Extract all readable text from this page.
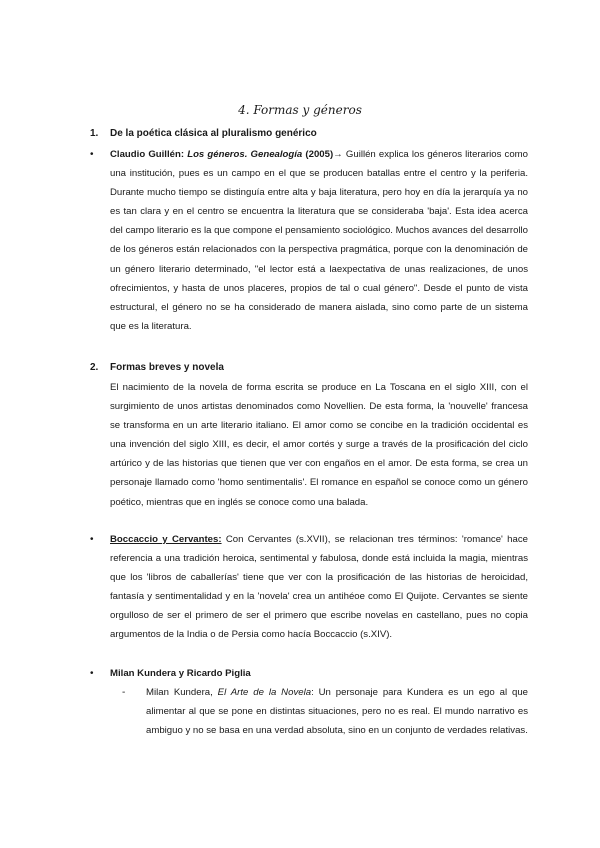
4. Formas y géneros
1. De la poética clásica al pluralismo genérico
• Claudio Guillén: Los géneros. Genealogía (2005)→ Guillén explica los géneros literarios como una institución, pues es un campo en el que se producen batallas entre el centro y la periferia. Durante mucho tiempo se distinguía entre alta y baja literatura, pero hoy en día la jerarquía ya no es tan clara y en el centro se encuentra la literatura que se consideraba 'baja'. Esta idea acerca del campo literario es la que compone el pensamiento sociológico. Muchos avances del desarrollo de los géneros están relacionados con la perspectiva pragmática, porque con la denominación de un género literario determinado, "el lector está a laexpectativa de unas realizaciones, de unos ofrecimientos, y hasta de unos placeres, propios de tal o cual género". Desde el punto de vista estructural, el género no se ha considerado de manera aislada, sino como parte de un sistema que es la literatura.
2. Formas breves y novela
El nacimiento de la novela de forma escrita se produce en La Toscana en el siglo XIII, con el surgimiento de unos artistas denominados como Novellien. De esta forma, la 'nouvelle' francesa se transforma en un arte literario italiano. El amor como se concibe en la tradición occidental es una invención del siglo XIII, es decir, el amor cortés y surge a través de la prosificación del ciclo artúrico y de las historias que tienen que ver con engaños en el amor. De esta forma, se crea un personaje llamado como 'homo sentimentalis'. El romance en español se conoce como un género poético, mientras que en inglés se conoce como una balada.
• Boccaccio y Cervantes: Con Cervantes (s.XVII), se relacionan tres términos: 'romance' hace referencia a una tradición heroica, sentimental y fabulosa, donde está incluida la magia, mientras que los 'libros de caballerías' tiene que ver con la prosificación de las historias de heroicidad, fantasía y sentimentalidad y en la 'novela' crea un antihéoe como El Quijote. Cervantes se siente orgulloso de ser el primero de ser el primero que escribe novelas en castellano, pues no copia argumentos de la India o de Persia como hacía Boccaccio (s.XIV).
• Milan Kundera y Ricardo Piglia
- Milan Kundera, El Arte de la Novela: Un personaje para Kundera es un ego al que alimentar al que se pone en distintas situaciones, pero no es real. El mundo narrativo es ambiguo y no se basa en una verdad absoluta, sino en un conjunto de verdades relativas.
